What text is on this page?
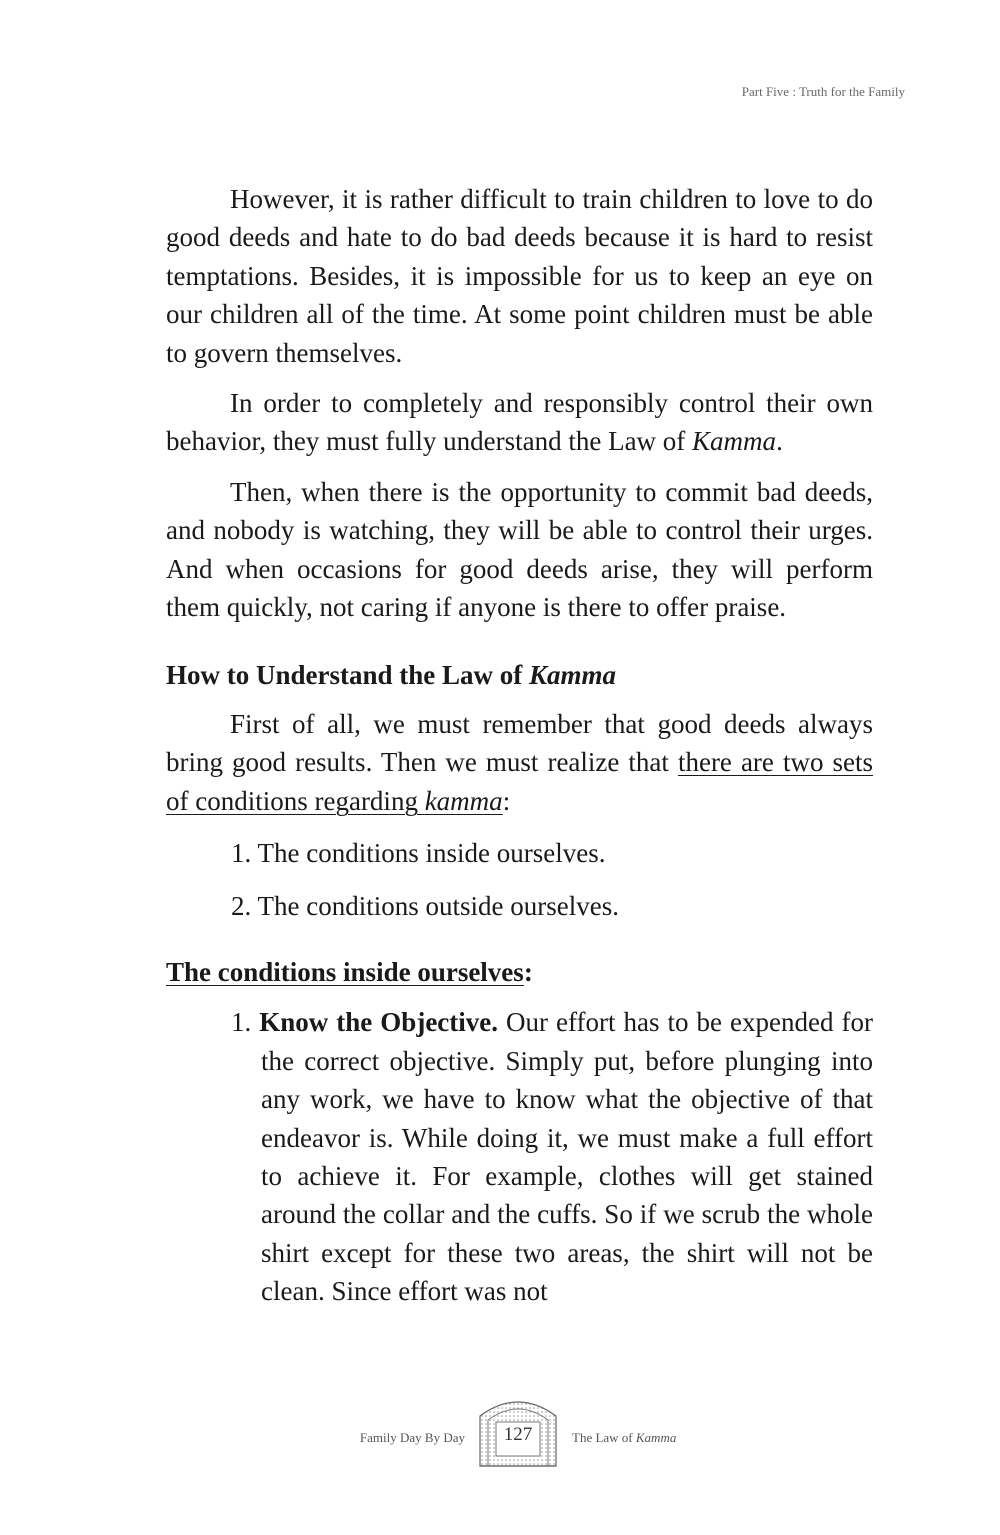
Part Five : Truth for the Family

However, it is rather difficult to train children to love to do good deeds and hate to do bad deeds because it is hard to resist temptations. Besides, it is impossible for us to keep an eye on our children all of the time. At some point children must be able to govern themselves.

In order to completely and responsibly control their own behavior, they must fully understand the Law of Kamma.

Then, when there is the opportunity to commit bad deeds, and nobody is watching, they will be able to control their urges. And when occasions for good deeds arise, they will perform them quickly, not caring if anyone is there to offer praise.

How to Understand the Law of Kamma

First of all, we must remember that good deeds always bring good results. Then we must realize that there are two sets of conditions regarding kamma:

1. The conditions inside ourselves.

2. The conditions outside ourselves.

The conditions inside ourselves:

1. Know the Objective. Our effort has to be expended for the correct objective. Simply put, before plunging into any work, we have to know what the objective of that endeavor is. While doing it, we must make a full effort to achieve it. For example, clothes will get stained around the collar and the cuffs. So if we scrub the whole shirt except for these two areas, the shirt will not be clean. Since effort was not

Family Day By Day	127	The Law of Kamma
